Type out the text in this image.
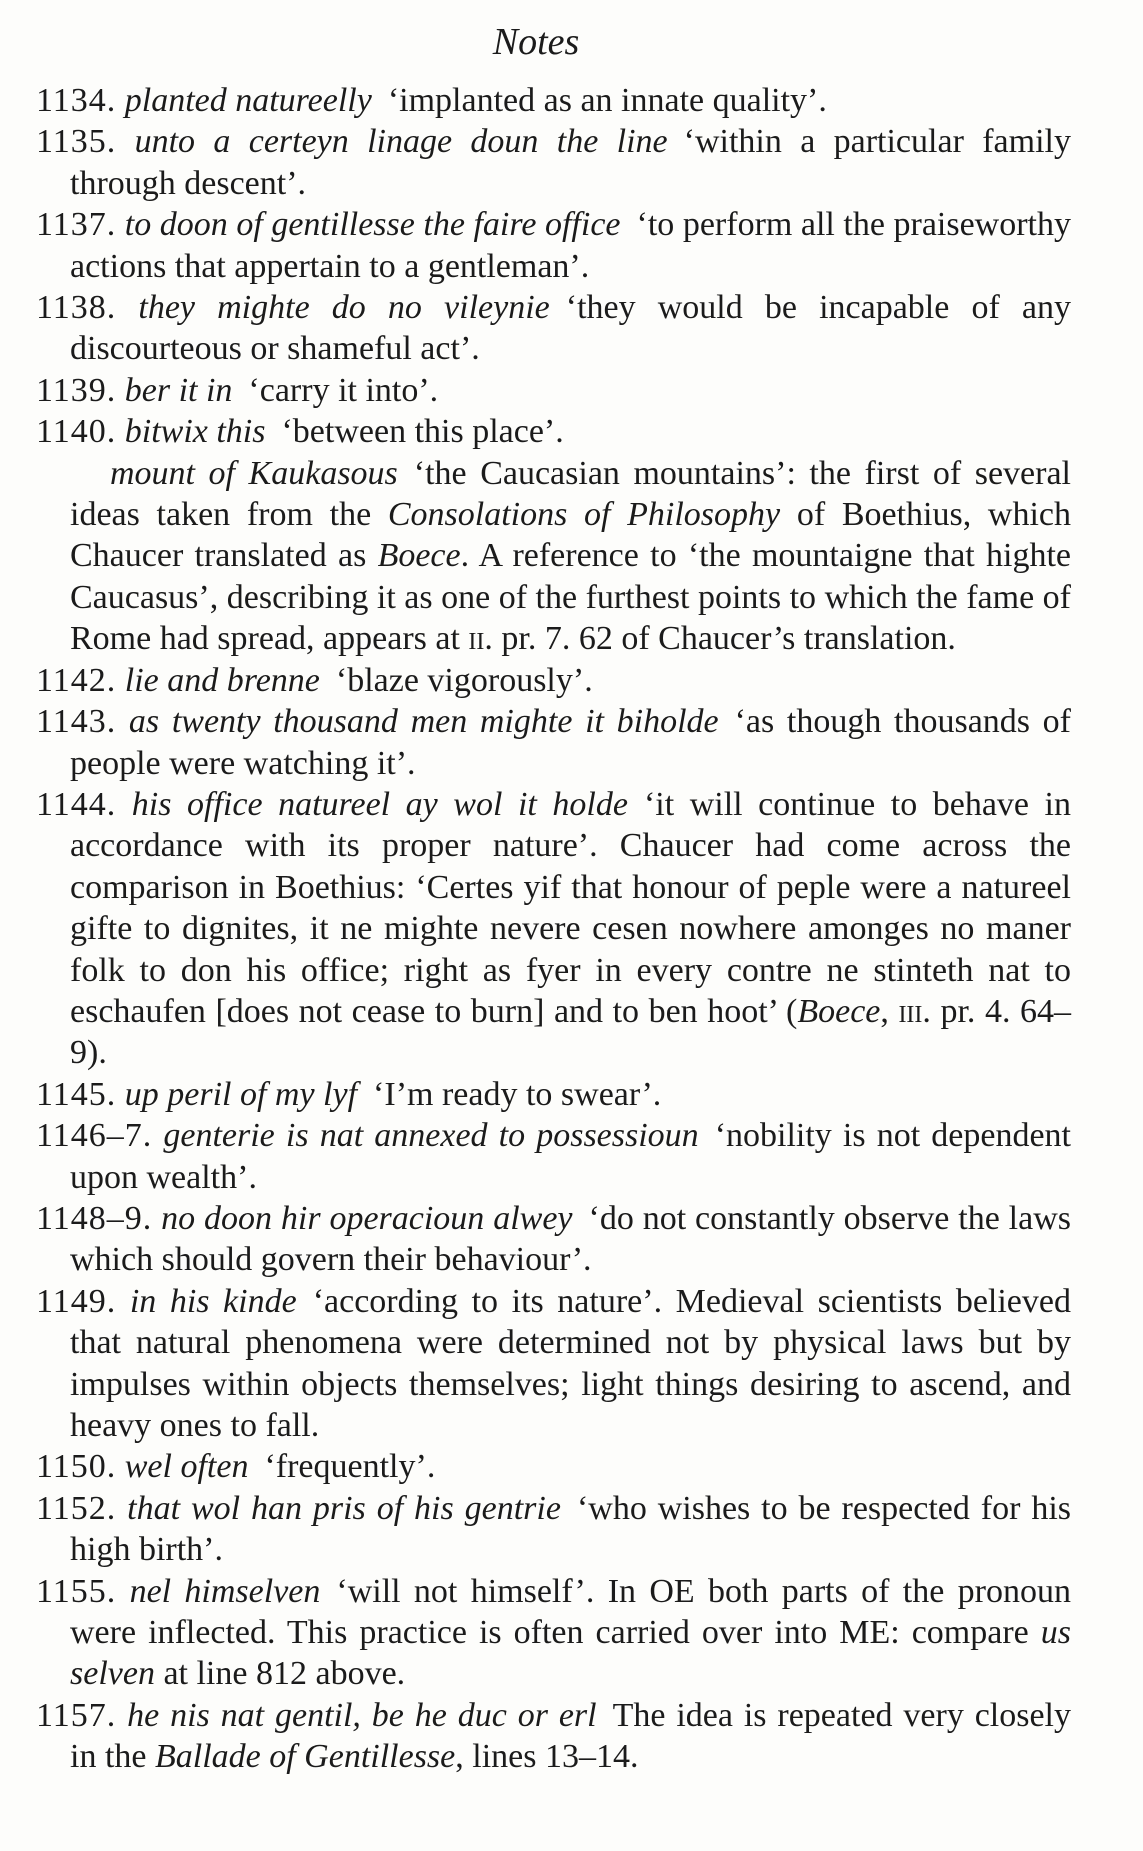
Notes

1134. planted natureelly ‘implanted as an innate quality’.

1135. unto a certeyn linage doun the line ‘within a particular family through descent’.

1137. to doon of gentillesse the faire office ‘to perform all the praiseworthy actions that appertain to a gentleman’.

1138. they mighte do no vileynie ‘they would be incapable of any discourteous or shameful act’.

1139. ber it in ‘carry it into’.

1140. bitwix this ‘between this place’.

mount of Kaukasous ‘the Caucasian mountains’: the first of several ideas taken from the Consolations of Philosophy of Boethius, which Chaucer translated as Boece. A reference to ‘the mountaigne that highte Caucasus’, describing it as one of the furthest points to which the fame of Rome had spread, appears at ii. pr. 7. 62 of Chaucer’s translation.

1142. lie and brenne ‘blaze vigorously’.

1143. as twenty thousand men mighte it biholde ‘as though thousands of people were watching it’.

1144. his office natureel ay wol it holde ‘it will continue to behave in accordance with its proper nature’. Chaucer had come across the comparison in Boethius: ‘Certes yif that honour of peple were a natureel gifte to dignites, it ne mighte nevere cesen nowhere amonges no maner folk to don his office; right as fyer in every contre ne stinteth nat to eschaufen [does not cease to burn] and to ben hoot’ (Boece, iii. pr. 4. 64–9).

1145. up peril of my lyf ‘I’m ready to swear’.

1146–7. genterie is nat annexed to possessioun ‘nobility is not dependent upon wealth’.

1148–9. no doon hir operacioun alwey ‘do not constantly observe the laws which should govern their behaviour’.

1149. in his kinde ‘according to its nature’. Medieval scientists believed that natural phenomena were determined not by physical laws but by impulses within objects themselves; light things desiring to ascend, and heavy ones to fall.

1150. wel often ‘frequently’.

1152. that wol han pris of his gentrie ‘who wishes to be respected for his high birth’.

1155. nel himselven ‘will not himself’. In OE both parts of the pronoun were inflected. This practice is often carried over into ME: compare us selven at line 812 above.

1157. he nis nat gentil, be he duc or erl The idea is repeated very closely in the Ballade of Gentillesse, lines 13–14.
